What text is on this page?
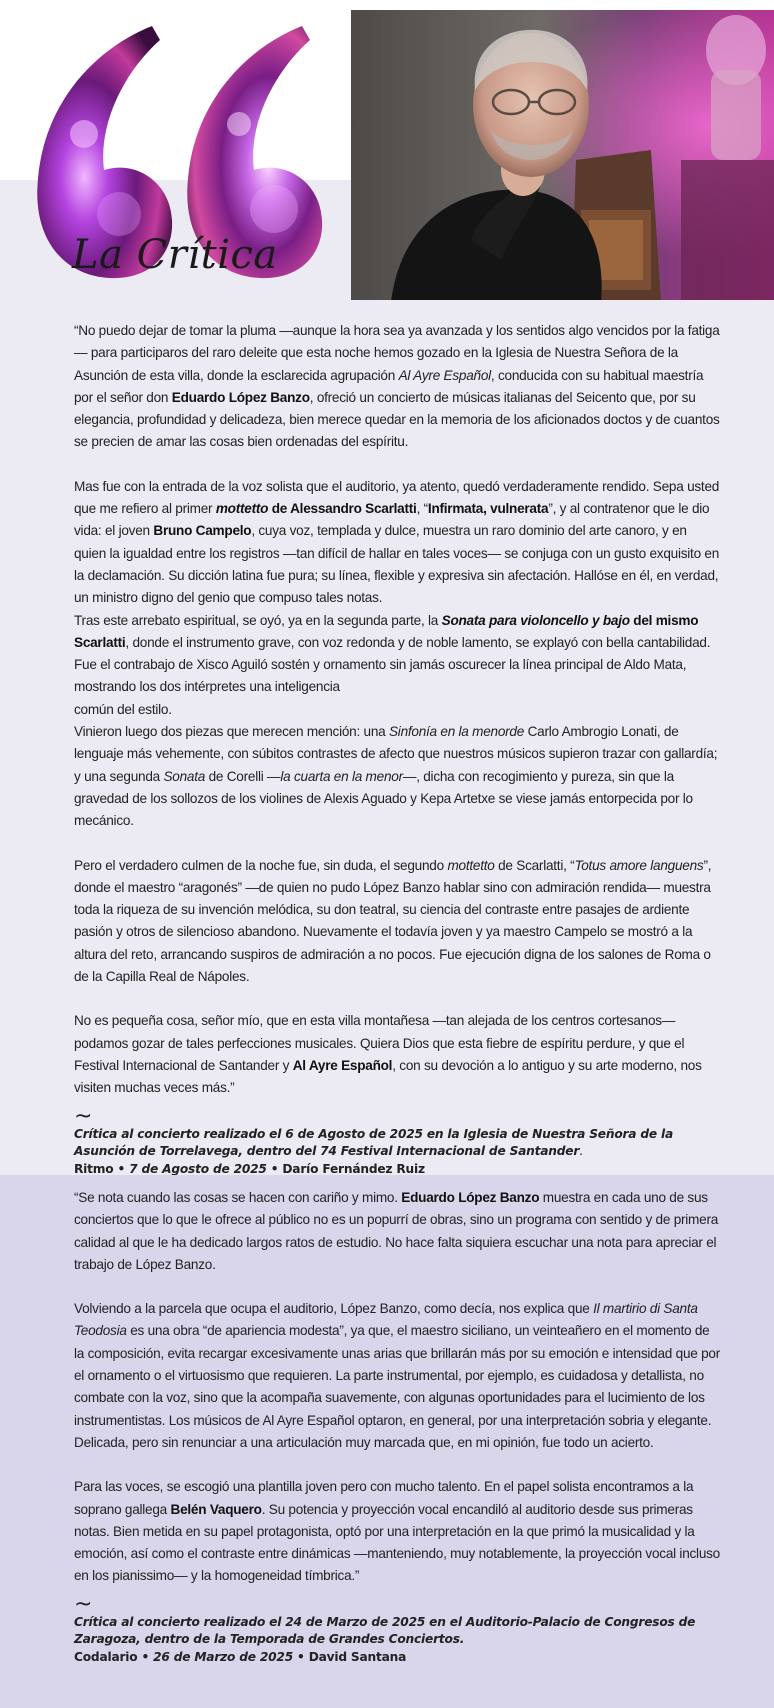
La Crítica

“No puedo dejar de tomar la pluma —aunque la hora sea ya avanzada y los sentidos algo vencidos por la fatiga— para participaros del raro deleite que esta noche hemos gozado en la Iglesia de Nuestra Señora de la Asunción de esta villa, donde la esclarecida agrupación Al Ayre Español, conducida con su habitual maestría por el señor don Eduardo López Banzo, ofreció un concierto de músicas italianas del Seicento que, por su elegancia, profundidad y delicadeza, bien merece quedar en la memoria de los aficionados doctos y de cuantos se precien de amar las cosas bien ordenadas del espíritu.

Mas fue con la entrada de la voz solista que el auditorio, ya atento, quedó verdaderamente rendido. Sepa usted que me refiero al primer mottetto de Alessandro Scarlatti, “Infirmata, vulnerata”, y al contratenor que le dio vida: el joven Bruno Campelo, cuya voz, templada y dulce, muestra un raro dominio del arte canoro, y en quien la igualdad entre los registros —tan difícil de hallar en tales voces— se conjuga con un gusto exquisito en la declamación. Su dicción latina fue pura; su línea, flexible y expresiva sin afectación. Hallóse en él, en verdad, un ministro digno del genio que compuso tales notas.

Tras este arrebato espiritual, se oyó, ya en la segunda parte, la Sonata para violoncello y bajo del mismo Scarlatti, donde el instrumento grave, con voz redonda y de noble lamento, se explayó con bella cantabilidad. Fue el contrabajo de Xisco Aguiló sostén y ornamento sin jamás oscurecer la línea principal de Aldo Mata, mostrando los dos intérpretes una inteligencia
común del estilo.

Vinieron luego dos piezas que merecen mención: una Sinfonía en la menorde Carlo Ambrogio Lonati, de lenguaje más vehemente, con súbitos contrastes de afecto que nuestros músicos supieron trazar con gallardía; y una segunda Sonata de Corelli —la cuarta en la menor—, dicha con recogimiento y pureza, sin que la gravedad de los sollozos de los violines de Alexis Aguado y Kepa Artetxe se viese jamás entorpecida por lo mecánico.

Pero el verdadero culmen de la noche fue, sin duda, el segundo mottetto de Scarlatti, “Totus amore languens”, donde el maestro “aragonés” —de quien no pudo López Banzo hablar sino con admiración rendida— muestra toda la riqueza de su invención melódica, su don teatral, su ciencia del contraste entre pasajes de ardiente pasión y otros de silencioso abandono. Nuevamente el todavía joven y ya maestro Campelo se mostró a la altura del reto, arrancando suspiros de admiración a no pocos. Fue ejecución digna de los salones de Roma o de la Capilla Real de Nápoles.

No es pequeña cosa, señor mío, que en esta villa montañesa —tan alejada de los centros cortesanos— podamos gozar de tales perfecciones musicales. Quiera Dios que esta fiebre de espíritu perdure, y que el Festival Internacional de Santander y Al Ayre Español, con su devoción a lo antiguo y su arte moderno, nos visiten muchas veces más.”

~
Crítica al concierto realizado el 6 de Agosto de 2025 en la Iglesia de Nuestra Señora de la Asunción de Torrelavega, dentro del 74 Festival Internacional de Santander.
Ritmo • 7 de Agosto de 2025 • Darío Fernández Ruiz

“Se nota cuando las cosas se hacen con cariño y mimo. Eduardo López Banzo muestra en cada uno de sus conciertos que lo que le ofrece al público no es un popurrí de obras, sino un programa con sentido y de primera calidad al que le ha dedicado largos ratos de estudio. No hace falta siquiera escuchar una nota para apreciar el trabajo de López Banzo.

Volviendo a la parcela que ocupa el auditorio, López Banzo, como decía, nos explica que Il martirio di Santa Teodosia es una obra “de apariencia modesta”, ya que, el maestro siciliano, un veinteañero en el momento de la composición, evita recargar excesivamente unas arias que brillarán más por su emoción e intensidad que por el ornamento o el virtuosismo que requieren. La parte instrumental, por ejemplo, es cuidadosa y detallista, no combate con la voz, sino que la acompaña suavemente, con algunas oportunidades para el lucimiento de los instrumentistas. Los músicos de Al Ayre Español optaron, en general, por una interpretación sobria y elegante. Delicada, pero sin renunciar a una articulación muy marcada que, en mi opinión, fue todo un acierto.

Para las voces, se escogió una plantilla joven pero con mucho talento. En el papel solista encontramos a la soprano gallega Belén Vaquero. Su potencia y proyección vocal encandiló al auditorio desde sus primeras notas. Bien metida en su papel protagonista, optó por una interpretación en la que primó la musicalidad y la emoción, así como el contraste entre dinámicas —manteniendo, muy notablemente, la proyección vocal incluso en los pianissimo— y la homogeneidad tímbrica.”

~
Crítica al concierto realizado el 24 de Marzo de 2025 en el Auditorio-Palacio de Congresos de Zaragoza, dentro de la Temporada de Grandes Conciertos.
Codalario • 26 de Marzo de 2025 • David Santana
